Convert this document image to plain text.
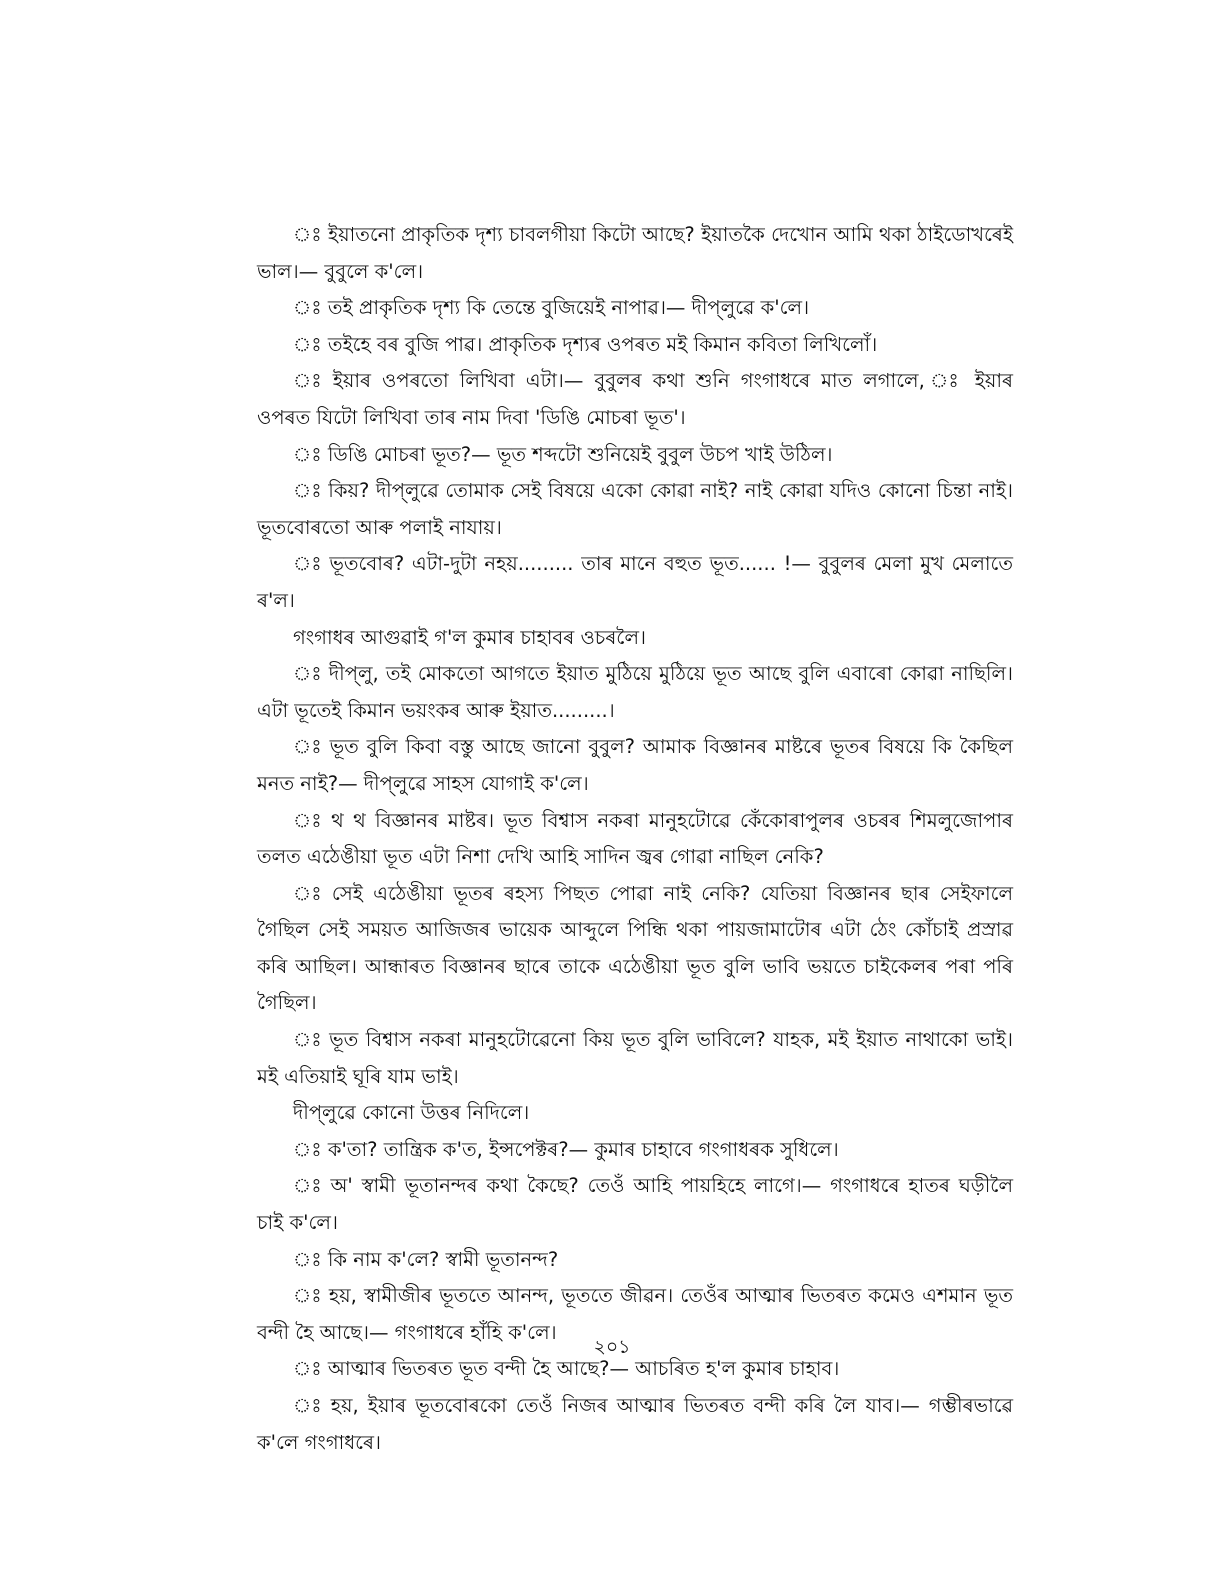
ঃ ইয়াতনো প্ৰাকৃতিক দৃশ্য চাবলগীয়া কিটো আছে? ইয়াতকৈ দেখোন আমি থকা ঠাইডোখৰেই ভাল।— বুবুলে ক'লে।

ঃ তই প্ৰাকৃতিক দৃশ্য কি তেন্তে বুজিয়েই নাপাৱ।— দীপ্‌লুৱে ক'লে।

ঃ তইহে বৰ বুজি পাৱ। প্ৰাকৃতিক দৃশ্যৰ ওপৰত মই কিমান কবিতা লিখিলোঁ।

ঃ ইয়াৰ ওপৰতো লিখিবা এটা।— বুবুলৰ কথা শুনি গংগাধৰে মাত লগালে, ঃ ইয়াৰ ওপৰত যিটো লিখিবা তাৰ নাম দিবা 'ডিঙি মোচৰা ভূত'।

ঃ ডিঙি মোচৰা ভূত?— ভূত শব্দটো শুনিয়েই বুবুল উচপ খাই উঠিল।

ঃ কিয়? দীপ্‌লুৱে তোমাক সেই বিষয়ে একো কোৱা নাই? নাই কোৱা যদিও কোনো চিন্তা নাই। ভূতবোৰতো আৰু পলাই নাযায়।

ঃ ভূতবোৰ? এটা-দুটা নহয়......... তাৰ মানে বহুত ভূত...... !— বুবুলৰ মেলা মুখ মেলাতে ৰ'ল।

গংগাধৰ আগুৱাই গ'ল কুমাৰ চাহাবৰ ওচৰলৈ।

ঃ দীপ্‌লু, তই মোকতো আগতে ইয়াত মুঠিয়ে মুঠিয়ে ভূত আছে বুলি এবাৰো কোৱা নাছিলি। এটা ভূতেই কিমান ভয়ংকৰ আৰু ইয়াত.........।

ঃ ভূত বুলি কিবা বস্তু আছে জানো বুবুল? আমাক বিজ্ঞানৰ মাষ্টৰে ভূতৰ বিষয়ে কি কৈছিল মনত নাই?— দীপ্‌লুৱে সাহস যোগাই ক'লে।

ঃ থ থ বিজ্ঞানৰ মাষ্টৰ। ভূত বিশ্বাস নকৰা মানুহটোৱে কেঁকোৰাপুলৰ ওচৰৰ শিমলুজোপাৰ তলত এঠেঙীয়া ভূত এটা নিশা দেখি আহি সাদিন জ্বৰ গোৱা নাছিল নেকি?

ঃ সেই এঠেঙীয়া ভূতৰ ৰহস্য পিছত পোৱা নাই নেকি? যেতিয়া বিজ্ঞানৰ ছাৰ সেইফালে গৈছিল সেই সময়ত আজিজৰ ভায়েক আব্দুলে পিন্ধি থকা পায়জামাটোৰ এটা ঠেং কোঁচাই প্ৰস্ৰাৱ কৰি আছিল। আন্ধাৰত বিজ্ঞানৰ ছাৰে তাকে এঠেঙীয়া ভূত বুলি ভাবি ভয়তে চাইকেলৰ পৰা পৰি গৈছিল।

ঃ ভূত বিশ্বাস নকৰা মানুহটোৱেনো কিয় ভূত বুলি ভাবিলে? যাহক, মই ইয়াত নাথাকো ভাই। মই এতিয়াই ঘূৰি যাম ভাই।

দীপ্‌লুৱে কোনো উত্তৰ নিদিলে।

ঃ ক'তা? তান্ত্ৰিক ক'ত, ইন্সপেক্টৰ?— কুমাৰ চাহাবে গংগাধৰক সুধিলে।

ঃ অ' স্বামী ভূতানন্দৰ কথা কৈছে? তেওঁ আহি পায়হিহে লাগে।— গংগাধৰে হাতৰ ঘড়ীলৈ চাই ক'লে।

ঃ কি নাম ক'লে? স্বামী ভূতানন্দ?

ঃ হয়, স্বামীজীৰ ভূততে আনন্দ, ভূততে জীৱন। তেওঁৰ আত্মাৰ ভিতৰত কমেও এশমান ভূত বন্দী হৈ আছে।— গংগাধৰে হাঁহি ক'লে।

ঃ আত্মাৰ ভিতৰত ভূত বন্দী হৈ আছে?— আচৰিত হ'ল কুমাৰ চাহাব।

ঃ হয়, ইয়াৰ ভূতবোৰকো তেওঁ নিজৰ আত্মাৰ ভিতৰত বন্দী কৰি লৈ যাব।— গম্ভীৰভাৱে ক'লে গংগাধৰে।

২০১
